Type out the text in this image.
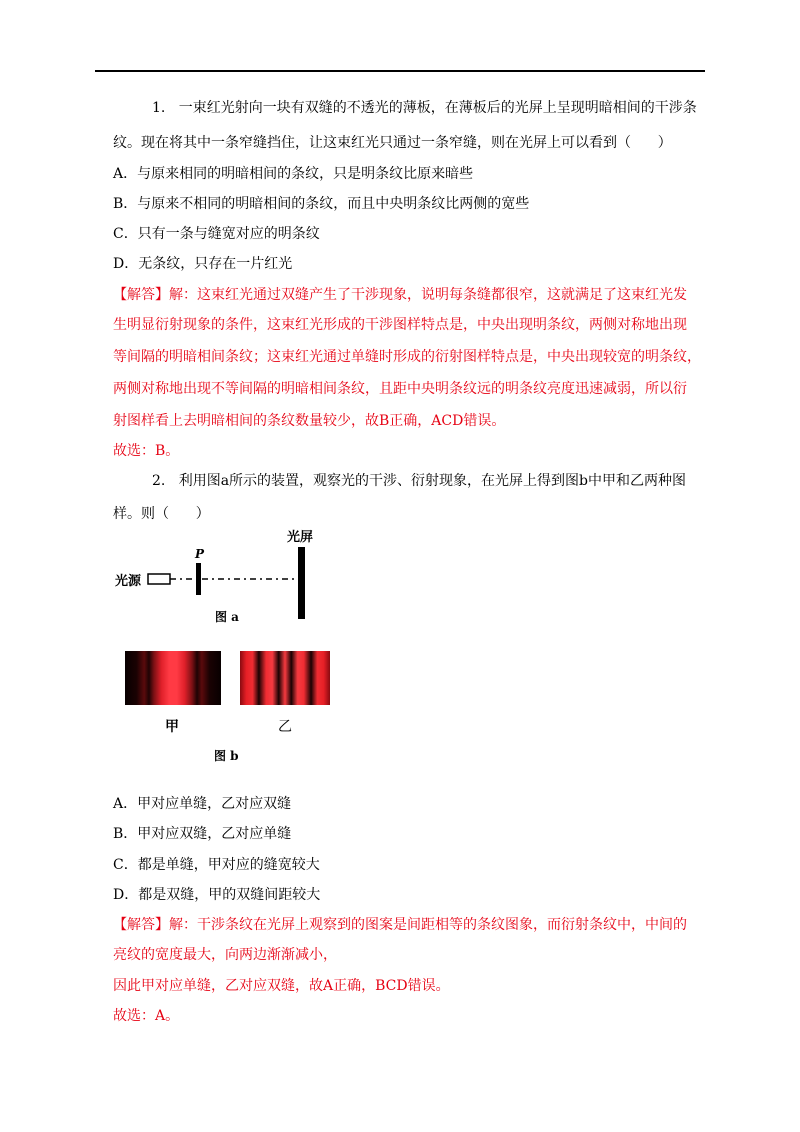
1.   一束红光射向一块有双缝的不透光的薄板，在薄板后的光屏上呈现明暗相间的干涉条
纹。现在将其中一条窄缝挡住，让这束红光只通过一条窄缝，则在光屏上可以看到（      ）
A．与原来相同的明暗相间的条纹，只是明条纹比原来暗些
B．与原来不相同的明暗相间的条纹，而且中央明条纹比两侧的宽些
C．只有一条与缝宽对应的明条纹
D．无条纹，只存在一片红光
【解答】解：这束红光通过双缝产生了干涉现象，说明每条缝都很窄，这就满足了这束红光发
生明显衍射现象的条件，这束红光形成的干涉图样特点是，中央出现明条纹，两侧对称地出现
等间隔的明暗相间条纹；这束红光通过单缝时形成的衍射图样特点是，中央出现较宽的明条纹，
两侧对称地出现不等间隔的明暗相间条纹，且距中央明条纹远的明条纹亮度迅速减弱，所以衍
射图样看上去明暗相间的条纹数量较少，故B正确，ACD错误。
故选：B。
2.   利用图a所示的装置，观察光的干涉、衍射现象，在光屏上得到图b中甲和乙两种图
样。则（      ）
光源
P
光屏
图 a
甲	乙
图 b
A．甲对应单缝，乙对应双缝
B．甲对应双缝，乙对应单缝
C．都是单缝，甲对应的缝宽较大
D．都是双缝，甲的双缝间距较大
【解答】解：干涉条纹在光屏上观察到的图案是间距相等的条纹图象，而衍射条纹中，中间的
亮纹的宽度最大，向两边渐渐减小，
因此甲对应单缝，乙对应双缝，故A正确，BCD错误。
故选：A。
